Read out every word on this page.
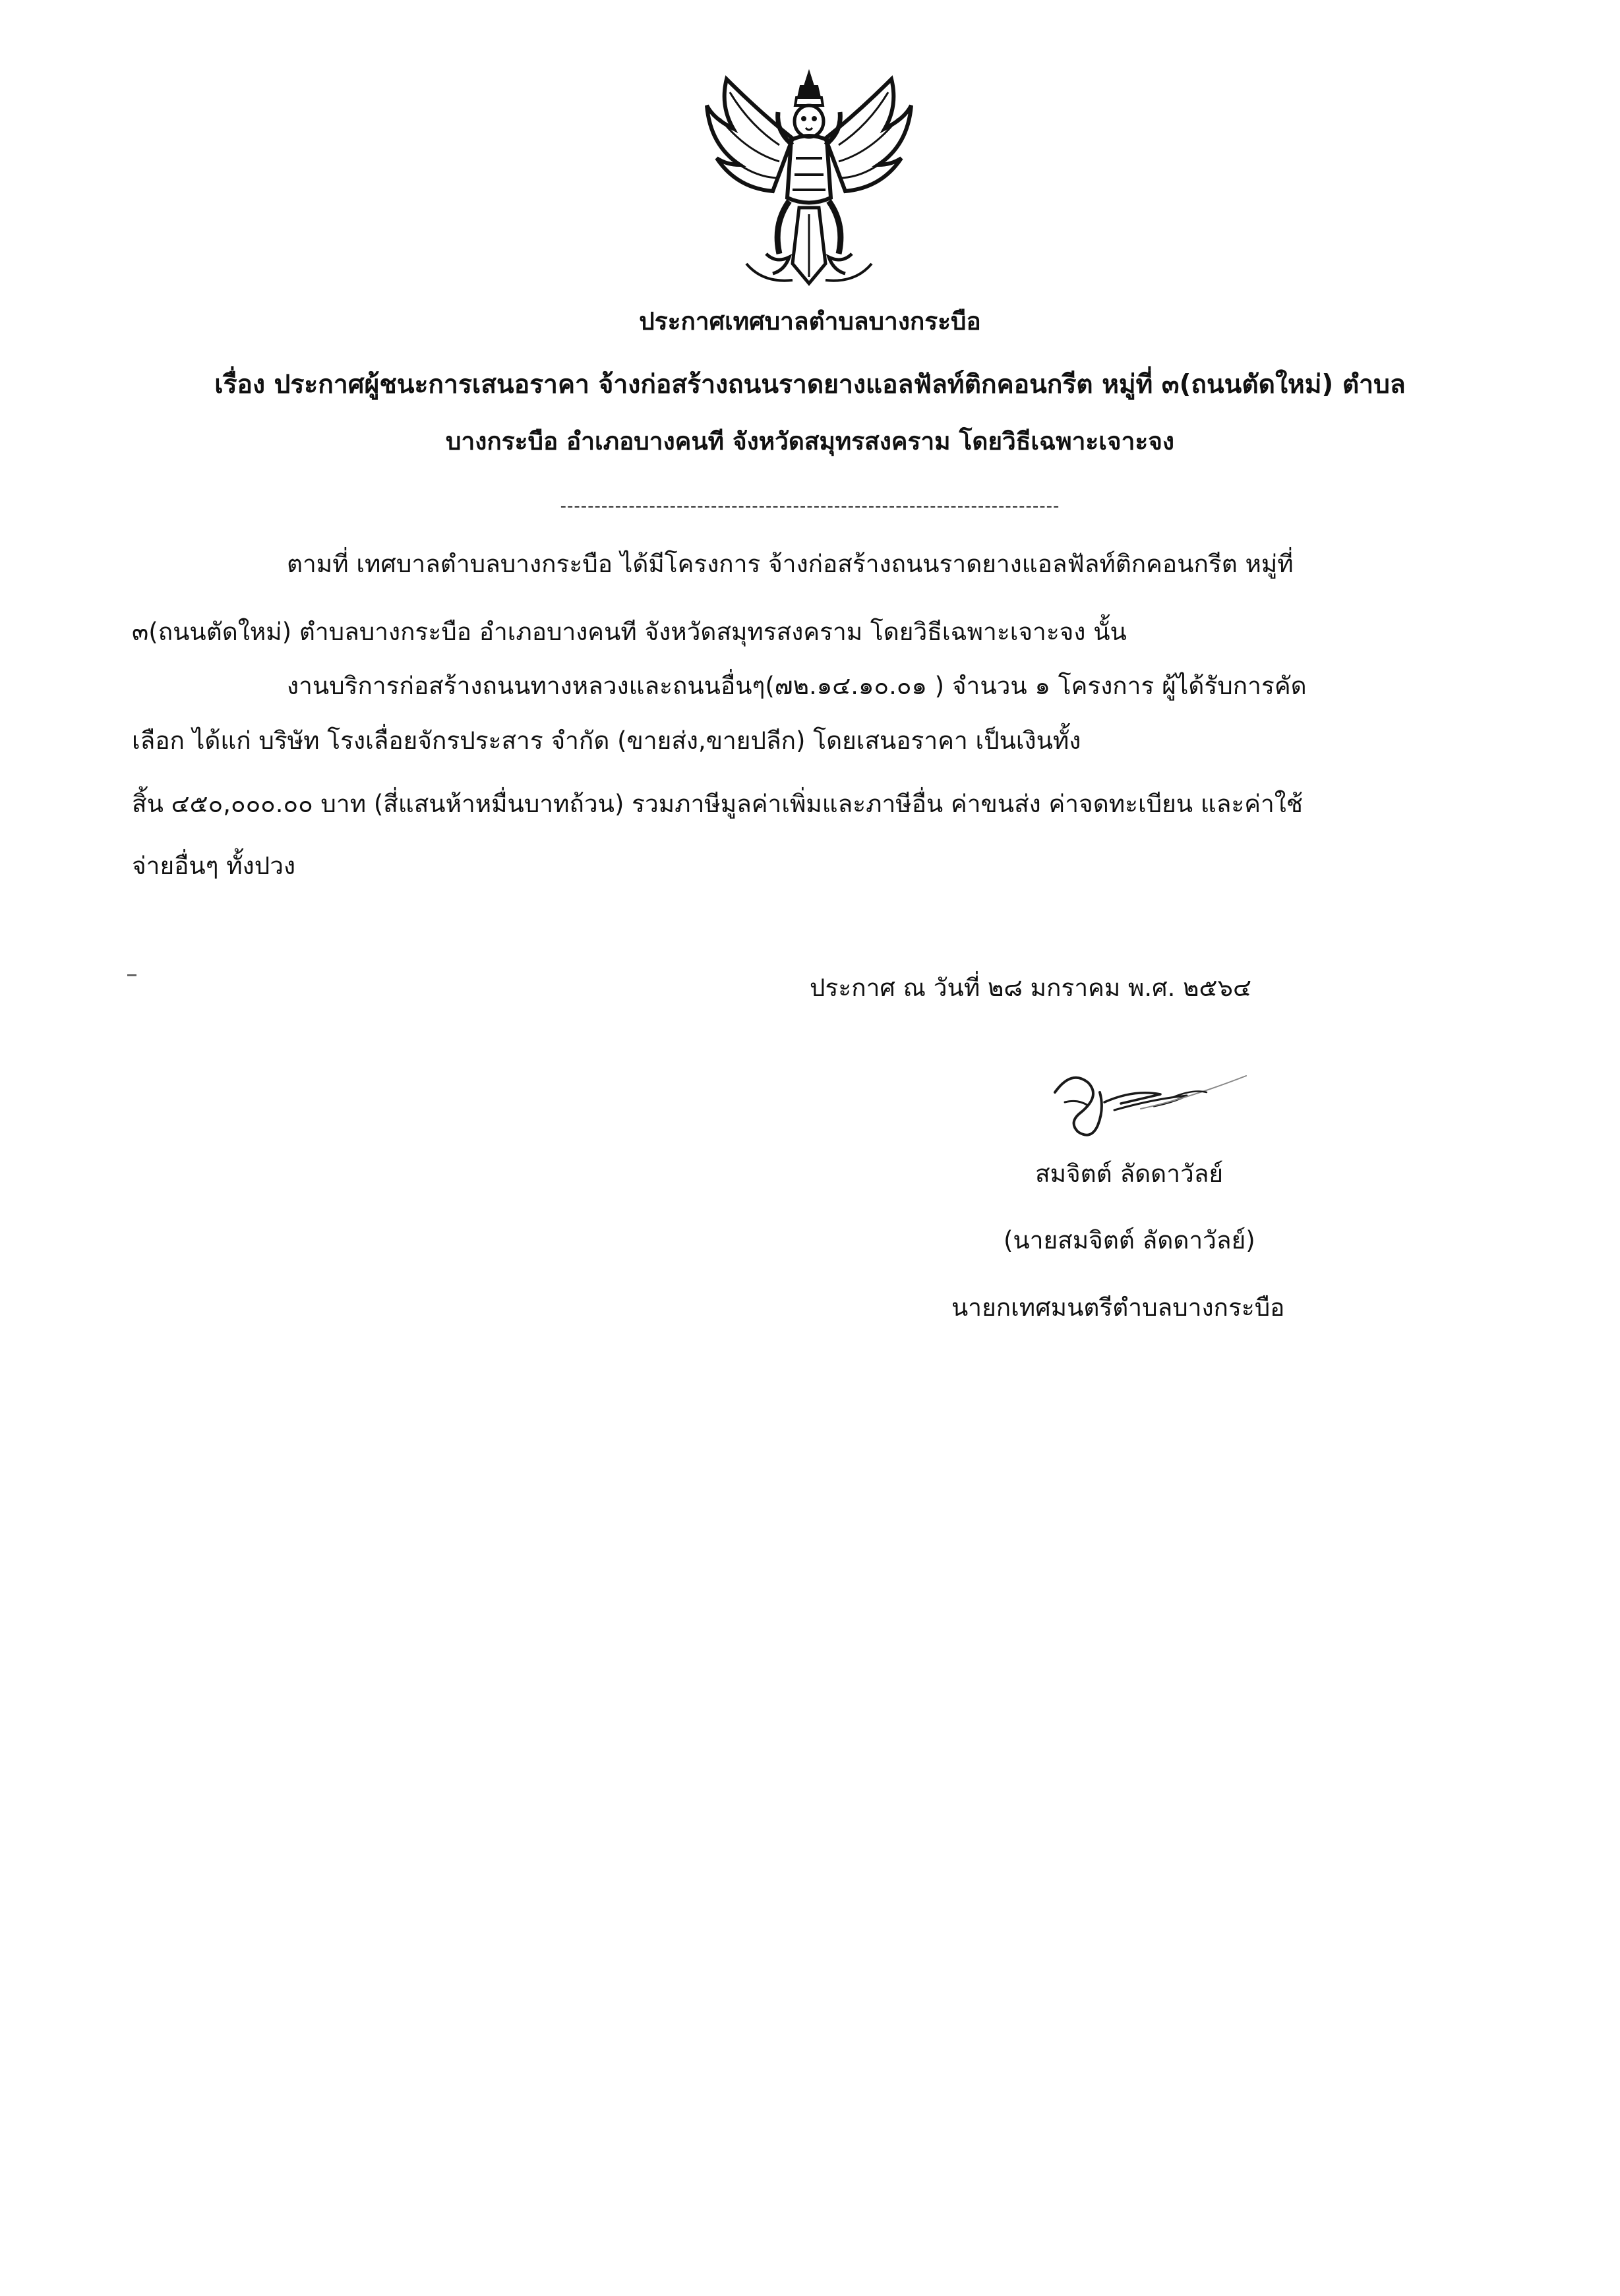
ประกาศเทศบาลตำบลบางกระบือ
เรื่อง ประกาศผู้ชนะการเสนอราคา จ้างก่อสร้างถนนราดยางแอลฟัลท์ติกคอนกรีต หมู่ที่ ๓(ถนนตัดใหม่) ตำบล
บางกระบือ อำเภอบางคนที จังหวัดสมุทรสงคราม โดยวิธีเฉพาะเจาะจง
-------------------------------------------------------------------------
ตามที่ เทศบาลตำบลบางกระบือ ได้มีโครงการ จ้างก่อสร้างถนนราดยางแอลฟัลท์ติกคอนกรีต หมู่ที่
๓(ถนนตัดใหม่) ตำบลบางกระบือ อำเภอบางคนที จังหวัดสมุทรสงคราม โดยวิธีเฉพาะเจาะจง นั้น
งานบริการก่อสร้างถนนทางหลวงและถนนอื่นๆ(๗๒.๑๔.๑๐.๐๑ ) จำนวน ๑ โครงการ ผู้ได้รับการคัด
เลือก ได้แก่ บริษัท โรงเลื่อยจักรประสาร จำกัด (ขายส่ง,ขายปลีก) โดยเสนอราคา เป็นเงินทั้ง
สิ้น ๔๕๐,๐๐๐.๐๐ บาท (สี่แสนห้าหมื่นบาทถ้วน) รวมภาษีมูลค่าเพิ่มและภาษีอื่น ค่าขนส่ง ค่าจดทะเบียน และค่าใช้
จ่ายอื่นๆ ทั้งปวง
ประกาศ ณ วันที่ ๒๘ มกราคม พ.ศ. ๒๕๖๔
สมจิตต์ ลัดดาวัลย์
(นายสมจิตต์ ลัดดาวัลย์)
นายกเทศมนตรีตำบลบางกระบือ
